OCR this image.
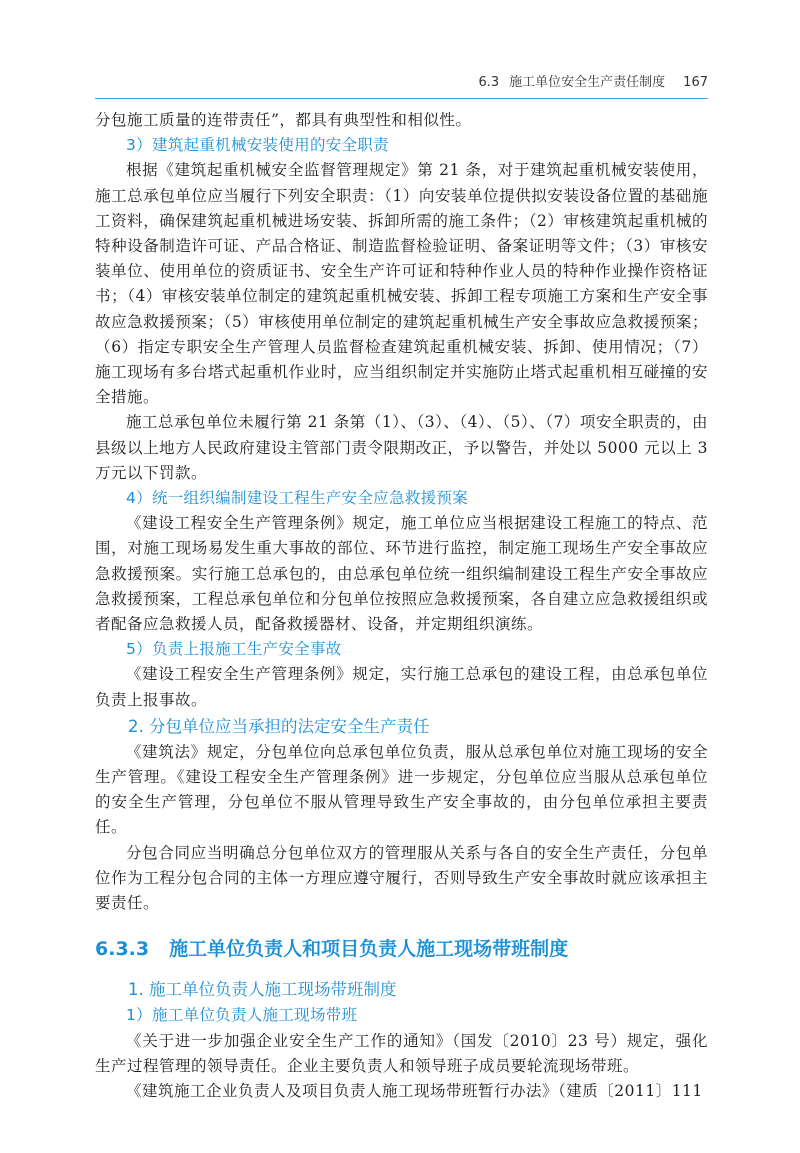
6.3 施工单位安全生产责任制度 167

分包施工质量的连带责任”，都具有典型性和相似性。

3）建筑起重机械安装使用的安全职责

根据《建筑起重机械安全监督管理规定》第 21 条，对于建筑起重机械安装使用，施工总承包单位应当履行下列安全职责：（1）向安装单位提供拟安装设备位置的基础施工资料，确保建筑起重机械进场安装、拆卸所需的施工条件；（2）审核建筑起重机械的特种设备制造许可证、产品合格证、制造监督检验证明、备案证明等文件；（3）审核安装单位、使用单位的资质证书、安全生产许可证和特种作业人员的特种作业操作资格证书；（4）审核安装单位制定的建筑起重机械安装、拆卸工程专项施工方案和生产安全事故应急救援预案；（5）审核使用单位制定的建筑起重机械生产安全事故应急救援预案；（6）指定专职安全生产管理人员监督检查建筑起重机械安装、拆卸、使用情况；（7）施工现场有多台塔式起重机作业时，应当组织制定并实施防止塔式起重机相互碰撞的安全措施。

施工总承包单位未履行第 21 条第（1）、（3）、（4）、（5）、（7）项安全职责的，由县级以上地方人民政府建设主管部门责令限期改正，予以警告，并处以 5000 元以上 3 万元以下罚款。

4）统一组织编制建设工程生产安全应急救援预案

《建设工程安全生产管理条例》规定，施工单位应当根据建设工程施工的特点、范围，对施工现场易发生重大事故的部位、环节进行监控，制定施工现场生产安全事故应急救援预案。实行施工总承包的，由总承包单位统一组织编制建设工程生产安全事故应急救援预案，工程总承包单位和分包单位按照应急救援预案，各自建立应急救援组织或者配备应急救援人员，配备救援器材、设备，并定期组织演练。

5）负责上报施工生产安全事故

《建设工程安全生产管理条例》规定，实行施工总承包的建设工程，由总承包单位负责上报事故。

2. 分包单位应当承担的法定安全生产责任

《建筑法》规定，分包单位向总承包单位负责，服从总承包单位对施工现场的安全生产管理。《建设工程安全生产管理条例》进一步规定，分包单位应当服从总承包单位的安全生产管理，分包单位不服从管理导致生产安全事故的，由分包单位承担主要责任。

分包合同应当明确总分包单位双方的管理服从关系与各自的安全生产责任，分包单位作为工程分包合同的主体一方理应遵守履行，否则导致生产安全事故时就应该承担主要责任。

6.3.3 施工单位负责人和项目负责人施工现场带班制度
1. 施工单位负责人施工现场带班制度
1）施工单位负责人施工现场带班

《关于进一步加强企业安全生产工作的通知》（国发〔2010〕23 号）规定，强化生产过程管理的领导责任。企业主要负责人和领导班子成员要轮流现场带班。

《建筑施工企业负责人及项目负责人施工现场带班暂行办法》（建质〔2011〕111
